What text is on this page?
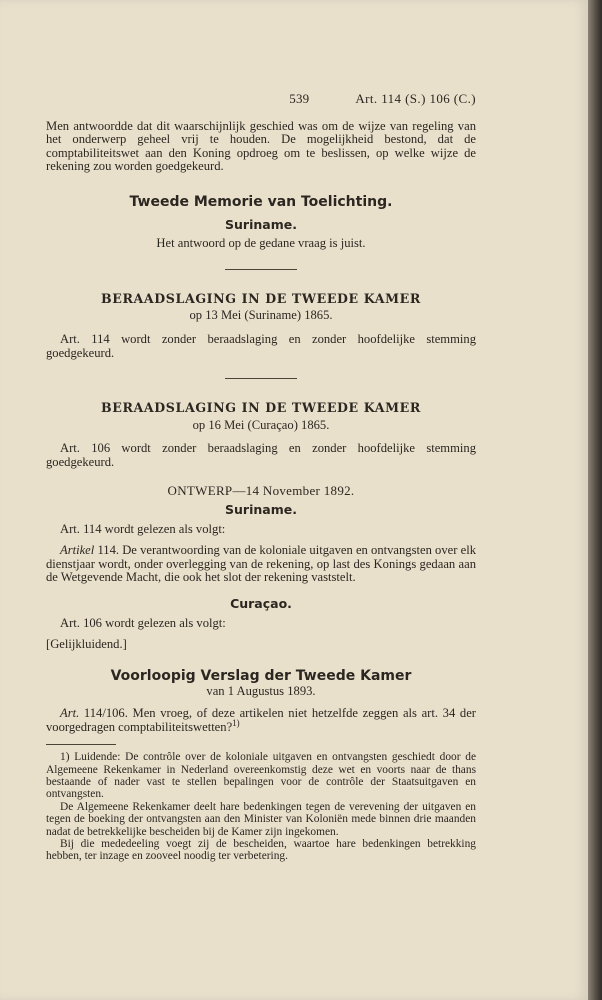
539	Art. 114 (S.) 106 (C.)

Men antwoordde dat dit waarschijnlijk geschied was om de wijze van regeling van het onderwerp geheel vrij te houden. De mogelijkheid bestond, dat de comptabiliteitswet aan den Koning opdroeg om te beslissen, op welke wijze de rekening zou worden goedgekeurd.

Tweede Memorie van Toelichting.
Suriname.

Het antwoord op de gedane vraag is juist.

BERAADSLAGING IN DE TWEEDE KAMER

op 13 Mei (Suriname) 1865.

Art. 114 wordt zonder beraadslaging en zonder hoofdelijke stemming goedgekeurd.

BERAADSLAGING IN DE TWEEDE KAMER

op 16 Mei (Curaçao) 1865.

Art. 106 wordt zonder beraadslaging en zonder hoofdelijke stemming goedgekeurd.

ONTWERP—14 November 1892.

Suriname.

Art. 114 wordt gelezen als volgt:

Artikel 114. De verantwoording van de koloniale uitgaven en ontvangsten over elk dienstjaar wordt, onder overlegging van de rekening, op last des Konings gedaan aan de Wetgevende Macht, die ook het slot der rekening vaststelt.

Curaçao.

Art. 106 wordt gelezen als volgt:

[Gelijkluidend.]

Voorloopig Verslag der Tweede Kamer

van 1 Augustus 1893.

Art. 114/106. Men vroeg, of deze artikelen niet hetzelfde zeggen als art. 34 der voorgedragen comptabiliteitswetten?$^{1)}$

1) Luidende: De contrôle over de koloniale uitgaven en ontvangsten geschiedt door de Algemeene Rekenkamer in Nederland overeenkomstig deze wet en voorts naar de thans bestaande of nader vast te stellen bepalingen voor de contrôle der Staatsuitgaven en ontvangsten.

De Algemeene Rekenkamer deelt hare bedenkingen tegen de verevening der uitgaven en tegen de boeking der ontvangsten aan den Minister van Koloniën mede binnen drie maanden nadat de betrekkelijke bescheiden bij de Kamer zijn ingekomen.

Bij die mededeeling voegt zij de bescheiden, waartoe hare bedenkingen betrekking hebben, ter inzage en zooveel noodig ter verbetering.
